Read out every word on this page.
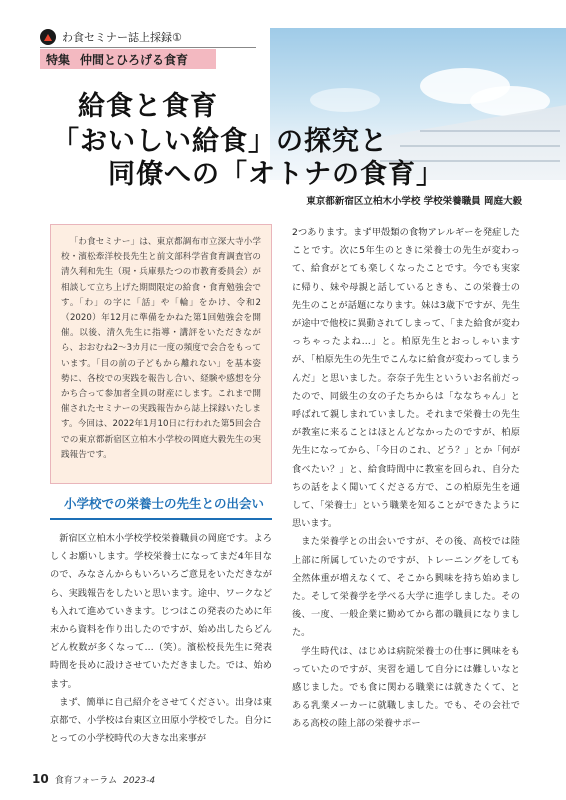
わ食セミナー誌上採録①
特集 仲間とひろげる食育
給食と食育
「おいしい給食」の探究と
同僚への「オトナの食育」
東京都新宿区立柏木小学校 学校栄養職員 岡庭大毅

「わ食セミナー」は、東京都調布市立深大寺小学校・濱松牽洋校長先生と前文部科学省食育調査官の清久利和先生（現・兵庫県たつの市教育委員会）が相談して立ち上げた期間限定の給食・食育勉強会です。「わ」の字に「話」や「輪」をかけ、令和2（2020）年12月に準備をかねた第1回勉強会を開催。以後、清久先生に指導・講評をいただきながら、おおむね2〜3カ月に一度の頻度で会合をもっています。「目の前の子どもから離れない」を基本姿勢に、各校での実践を報告し合い、経験や感想を分かち合って参加者全員の財産にします。これまで開催されたセミナーの実践報告から誌上採録いたします。今回は、2022年1月10日に行われた第5回会合での東京都新宿区立柏木小学校の岡庭大毅先生の実践報告です。

小学校での栄養士の先生との出会い

新宿区立柏木小学校学校栄養職員の岡庭です。よろしくお願いします。学校栄養士になってまだ4年目なので、みなさんからもいろいろご意見をいただきながら、実践報告をしたいと思います。途中、ワークなども入れて進めていきます。じつはこの発表のために年末から資料を作り出したのですが、始め出したらどんどん枚数が多くなって…（笑）。濱松校長先生に発表時間を長めに設けさせていただきました。では、始めます。

まず、簡単に自己紹介をさせてください。出身は東京都で、小学校は台東区立田原小学校でした。自分にとっての小学校時代の大きな出来事が

2つあります。まず甲殻類の食物アレルギーを発症したことです。次に5年生のときに栄養士の先生が変わって、給食がとても楽しくなったことです。今でも実家に帰り、妹や母親と話しているときも、この栄養士の先生のことが話題になります。妹は3歳下ですが、先生が途中で他校に異動されてしまって、「また給食が変わっちゃったよね…」と。柏原先生とおっしゃいますが、「柏原先生の先生でこんなに給食が変わってしまうんだ」と思いました。奈奈子先生といういお名前だったので、同級生の女の子たちからは「ななちゃん」と呼ばれて親しまれていました。それまで栄養士の先生が教室に来ることはほとんどなかったのですが、柏原先生になってから、「今日のこれ、どう？」とか「何が食べたい？」と、給食時間中に教室を回られ、自分たちの話をよく聞いてくださる方で、この柏原先生を通して、「栄養士」という職業を知ることができたように思います。

また栄養学との出会いですが、その後、高校では陸上部に所属していたのですが、トレーニングをしても全然体重が増えなくて、そこから興味を持ち始めました。そして栄養学を学べる大学に進学しました。その後、一度、一般企業に勤めてから都の職員になりました。

学生時代は、はじめは病院栄養士の仕事に興味をもっていたのですが、実習を通して自分には難しいなと感じました。でも食に関わる職業には就きたくて、とある乳業メーカーに就職しました。でも、その会社である高校の陸上部の栄養サポー

10 食育フォーラム 2023-4
